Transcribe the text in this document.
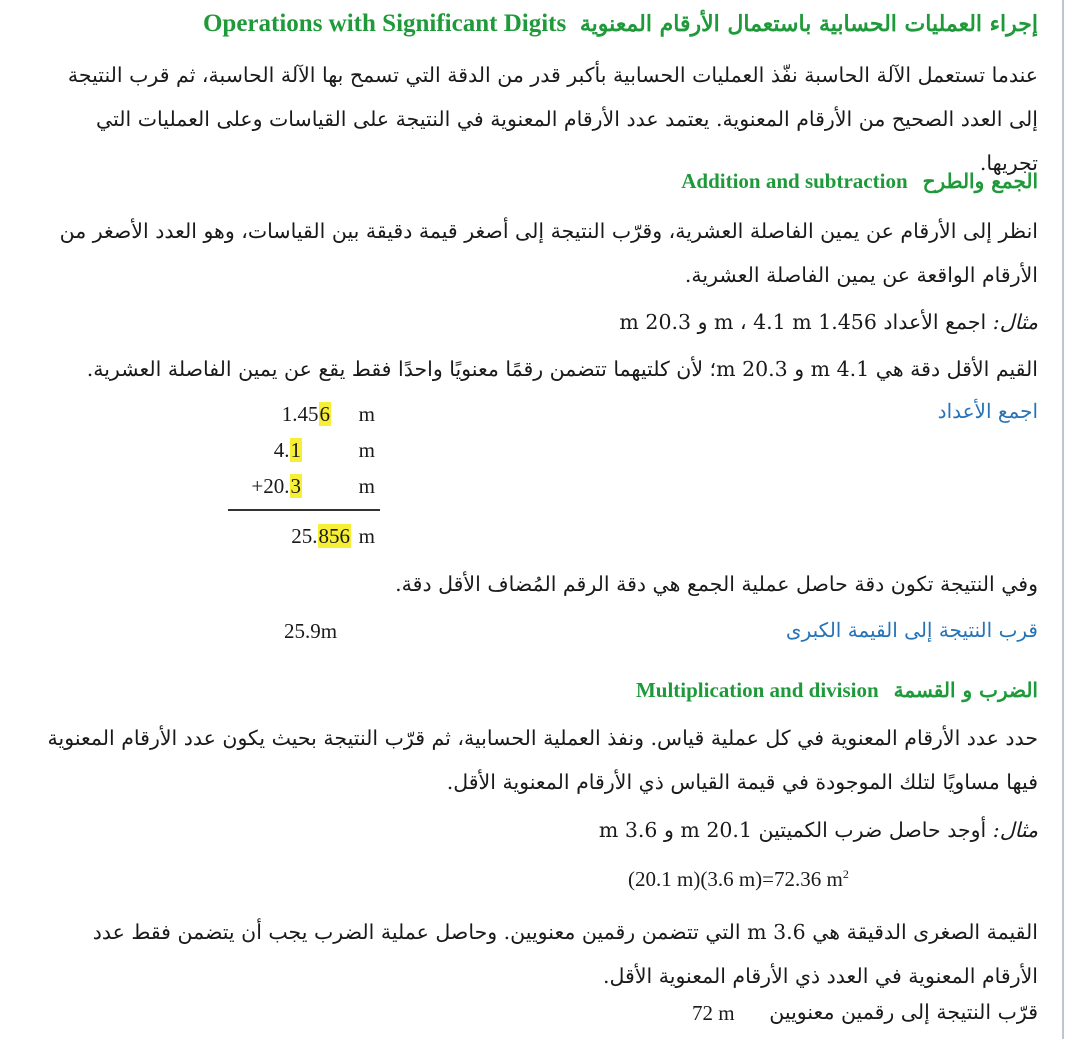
إجراء العمليات الحسابية باستعمال الأرقام المعنوية Operations with Significant Digits
عندما تستعمل الآلة الحاسبة نفّذ العمليات الحسابية بأكبر قدر من الدقة التي تسمح بها الآلة الحاسبة، ثم قرب النتيجة إلى العدد الصحيح من الأرقام المعنوية. يعتمد عدد الأرقام المعنوية في النتيجة على القياسات وعلى العمليات التي تجريها.
الجمع والطرح Addition and subtraction
انظر إلى الأرقام عن يمين الفاصلة العشرية، وقرّب النتيجة إلى أصغر قيمة دقيقة بين القياسات، وهو العدد الأصغر من الأرقام الواقعة عن يمين الفاصلة العشرية.
مثال: اجمع الأعداد 1.456 m ، 4.1 m و 20.3 m
القيم الأقل دقة هي 4.1 m و 20.3 m؛ لأن كلتيهما تتضمن رقمًا معنويًا واحدًا فقط يقع عن يمين الفاصلة العشرية.
اجمع الأعداد
1.456 m
4.1	m
+20.3	m
25.856 m
وفي النتيجة تكون دقة حاصل عملية الجمع هي دقة الرقم المُضاف الأقل دقة.
قرب النتيجة إلى القيمة الكبرى
25.9m
الضرب و القسمة Multiplication and division
حدد عدد الأرقام المعنوية في كل عملية قياس. ونفذ العملية الحسابية، ثم قرّب النتيجة بحيث يكون عدد الأرقام المعنوية فيها مساويًا لتلك الموجودة في قيمة القياس ذي الأرقام المعنوية الأقل.
مثال: أوجد حاصل ضرب الكميتين 20.1 m و 3.6 m
(20.1 m)(3.6 m)=72.36 $m^2$
القيمة الصغرى الدقيقة هي 3.6 m التي تتضمن رقمين معنويين. وحاصل عملية الضرب يجب أن يتضمن فقط عدد الأرقام المعنوية في العدد ذي الأرقام المعنوية الأقل.
قرّب النتيجة إلى رقمين معنويين
72 m
